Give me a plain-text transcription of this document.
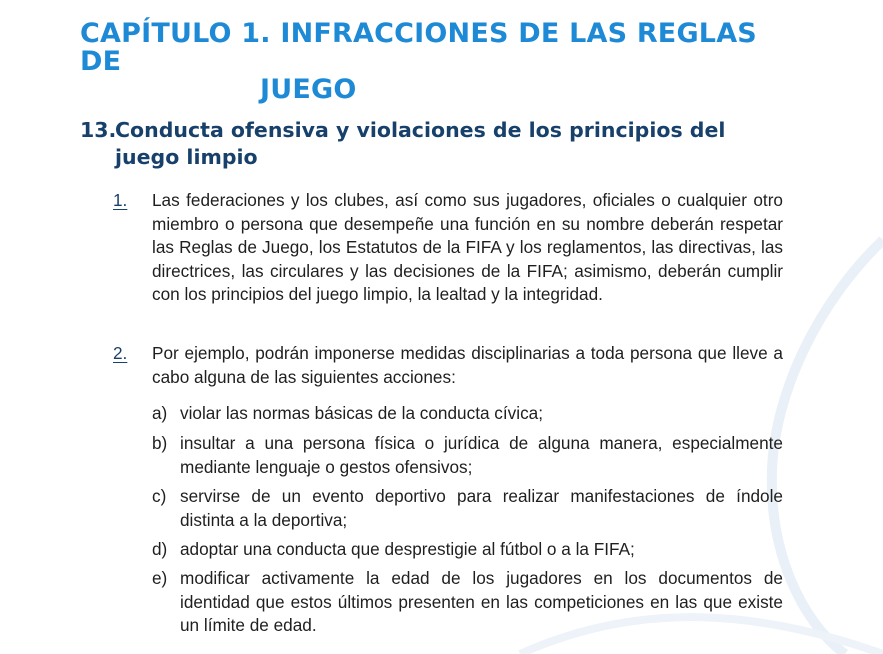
CAPÍTULO 1. INFRACCIONES DE LAS REGLAS DE
JUEGO
13.
Conducta ofensiva y violaciones de los principios del juego limpio
1. Las federaciones y los clubes, así como sus jugadores, oficiales o cualquier otro miembro o persona que desempeñe una función en su nombre deberán respetar las Reglas de Juego, los Estatutos de la FIFA y los reglamentos, las directivas, las directrices, las circulares y las decisiones de la FIFA; asimismo, deberán cumplir con los principios del juego limpio, la lealtad y la integridad.
2. Por ejemplo, podrán imponerse medidas disciplinarias a toda persona que lleve a cabo alguna de las siguientes acciones:
a) violar las normas básicas de la conducta cívica;
b) insultar a una persona física o jurídica de alguna manera, especialmente mediante lenguaje o gestos ofensivos;
c) servirse de un evento deportivo para realizar manifestaciones de índole distinta a la deportiva;
d) adoptar una conducta que desprestigie al fútbol o a la FIFA;
e) modificar activamente la edad de los jugadores en los documentos de identidad que estos últimos presenten en las competiciones en las que existe un límite de edad.
